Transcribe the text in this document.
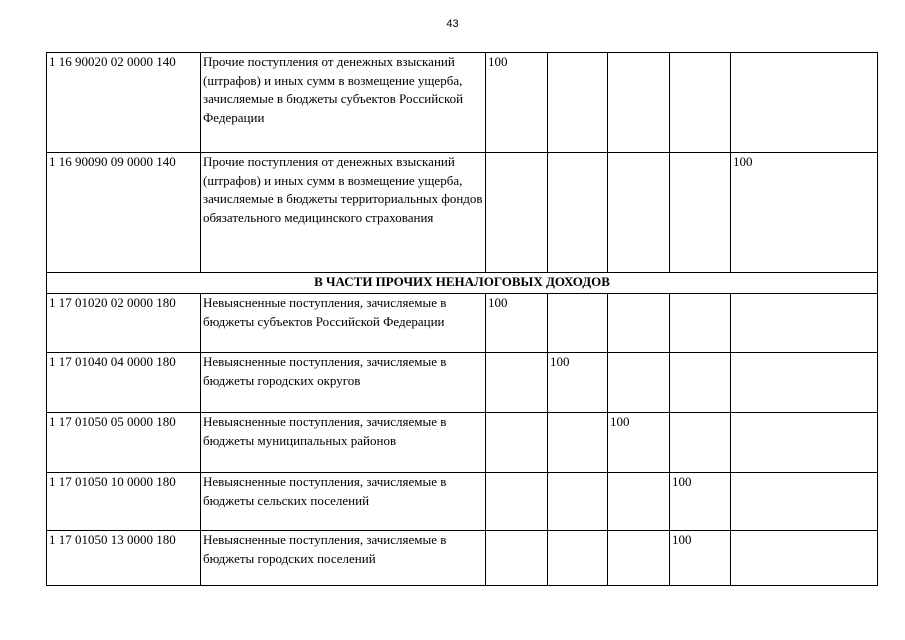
43
1 16 90020 02 0000 140	Прочие поступления от денежных взысканий (штрафов) и иных сумм в возмещение ущерба, зачисляемые в бюджеты субъектов Российской Федерации	100				
1 16 90090 09 0000 140	Прочие поступления от денежных взысканий (штрафов) и иных сумм в возмещение ущерба, зачисляемые в бюджеты территориальных фондов обязательного медицинского страхования					100
В ЧАСТИ ПРОЧИХ НЕНАЛОГОВЫХ ДОХОДОВ						
1 17 01020 02 0000 180	Невыясненные поступления, зачисляемые в бюджеты субъектов Российской Федерации	100				
1 17 01040 04 0000 180	Невыясненные поступления, зачисляемые в бюджеты городских округов		100			
1 17 01050 05 0000 180	Невыясненные поступления, зачисляемые в бюджеты муниципальных районов			100		
1 17 01050 10 0000 180	Невыясненные поступления, зачисляемые в бюджеты сельских поселений				100	
1 17 01050 13 0000 180	Невыясненные поступления, зачисляемые в бюджеты городских поселений				100	
